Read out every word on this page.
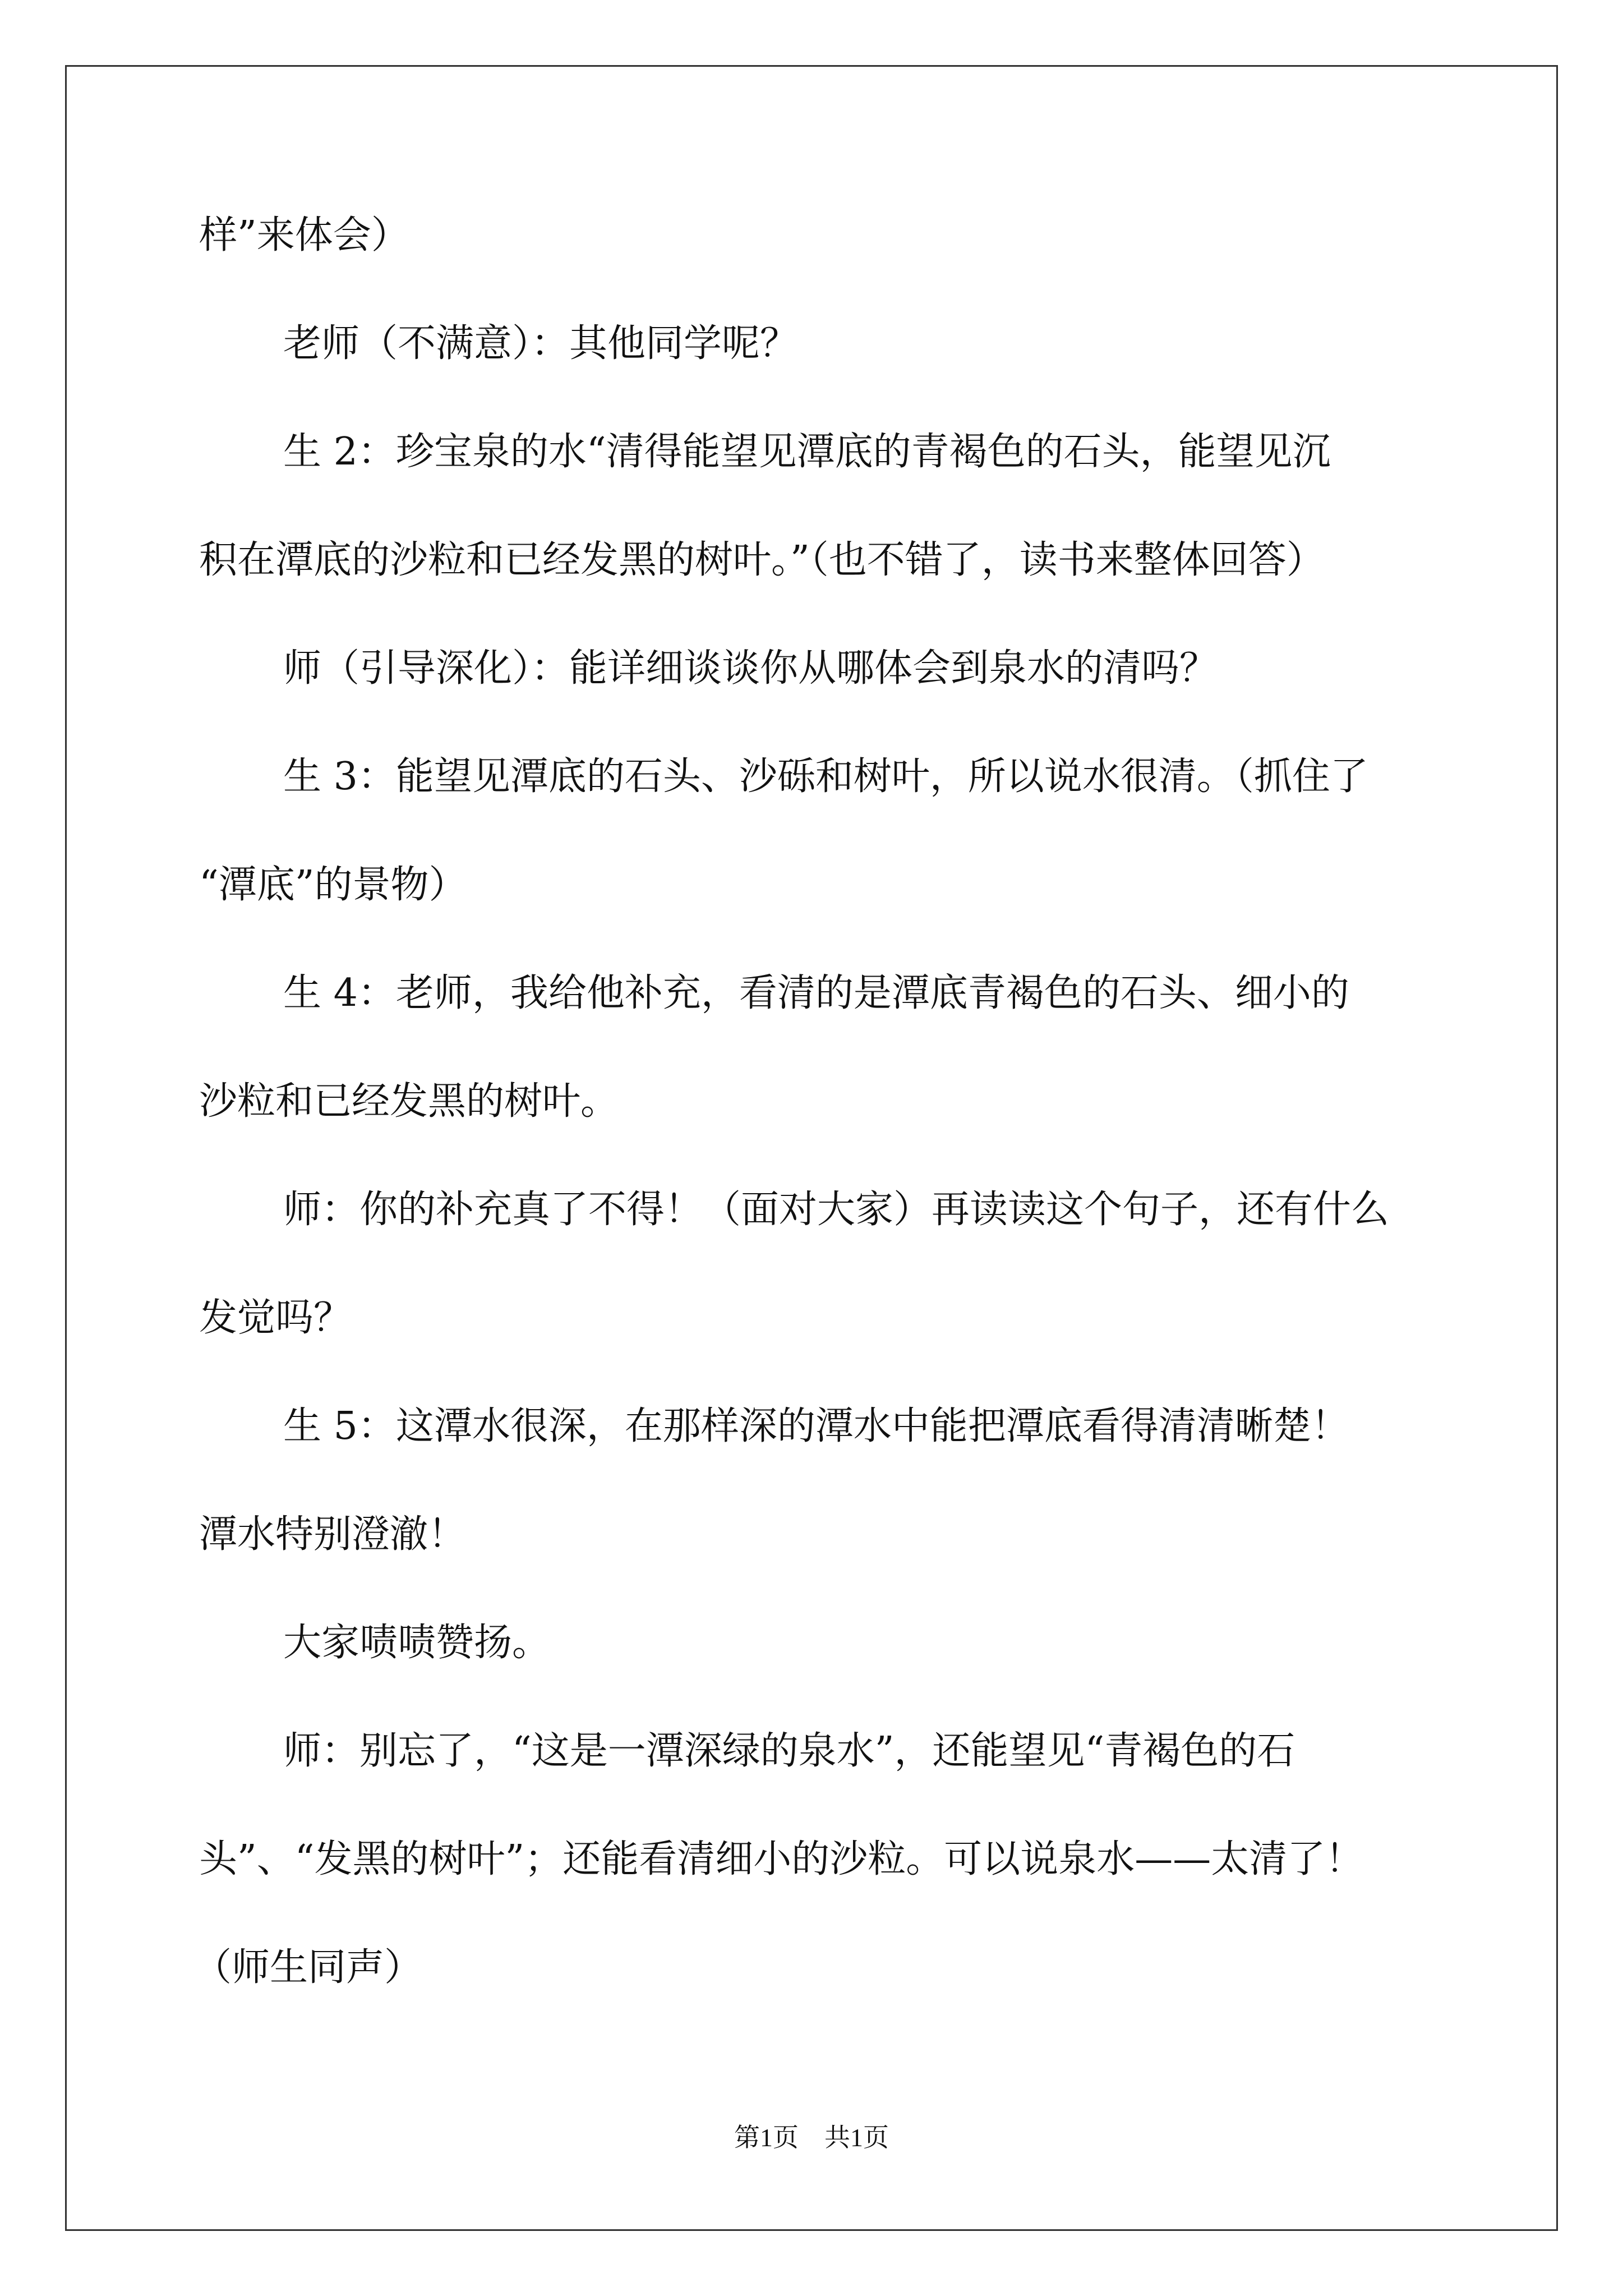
样”来体会）
老师（不满意）：其他同学呢？
生 2：珍宝泉的水“清得能望见潭底的青褐色的石头，能望见沉
积在潭底的沙粒和已经发黑的树叶。”（也不错了，读书来整体回答）
师（引导深化）：能详细谈谈你从哪体会到泉水的清吗？
生 3：能望见潭底的石头、沙砾和树叶，所以说水很清。（抓住了
“潭底”的景物）
生 4：老师，我给他补充，看清的是潭底青褐色的石头、细小的
沙粒和已经发黑的树叶。
师：你的补充真了不得！（面对大家）再读读这个句子，还有什么
发觉吗？
生 5：这潭水很深，在那样深的潭水中能把潭底看得清清晰楚！
潭水特别澄澈！
大家啧啧赞扬。
师：别忘了，“这是一潭深绿的泉水”，还能望见“青褐色的石
头”、“发黑的树叶”；还能看清细小的沙粒。可以说泉水——太清了！
（师生同声）
第1页 共1页
